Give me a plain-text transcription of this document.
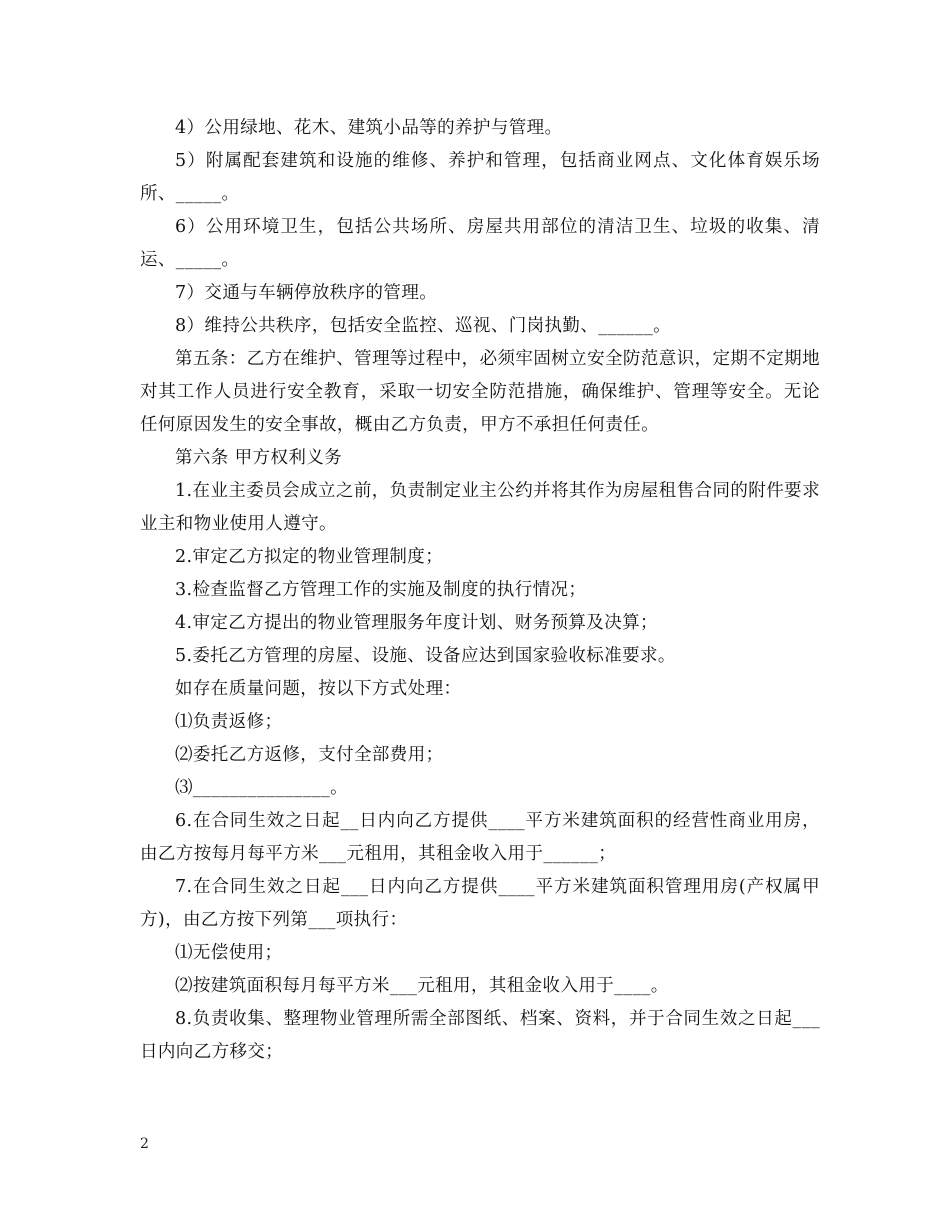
4）公用绿地、花木、建筑小品等的养护与管理。

5）附属配套建筑和设施的维修、养护和管理，包括商业网点、文化体育娱乐场所、_____。

6）公用环境卫生，包括公共场所、房屋共用部位的清洁卫生、垃圾的收集、清运、_____。

7）交通与车辆停放秩序的管理。

8）维持公共秩序，包括安全监控、巡视、门岗执勤、______。

第五条：乙方在维护、管理等过程中，必须牢固树立安全防范意识，定期不定期地对其工作人员进行安全教育，采取一切安全防范措施，确保维护、管理等安全。无论任何原因发生的安全事故，概由乙方负责，甲方不承担任何责任。

第六条 甲方权利义务

1.在业主委员会成立之前，负责制定业主公约并将其作为房屋租售合同的附件要求业主和物业使用人遵守。

2.审定乙方拟定的物业管理制度；

3.检查监督乙方管理工作的实施及制度的执行情况；

4.审定乙方提出的物业管理服务年度计划、财务预算及决算；

5.委托乙方管理的房屋、设施、设备应达到国家验收标准要求。

如存在质量问题，按以下方式处理：

⑴负责返修；

⑵委托乙方返修，支付全部费用；

⑶_______________。

6.在合同生效之日起__日内向乙方提供____平方米建筑面积的经营性商业用房，由乙方按每月每平方米___元租用，其租金收入用于______；

7.在合同生效之日起___日内向乙方提供____平方米建筑面积管理用房(产权属甲方)，由乙方按下列第___项执行：

⑴无偿使用；

⑵按建筑面积每月每平方米___元租用，其租金收入用于____。

8.负责收集、整理物业管理所需全部图纸、档案、资料，并于合同生效之日起___日内向乙方移交；

2
